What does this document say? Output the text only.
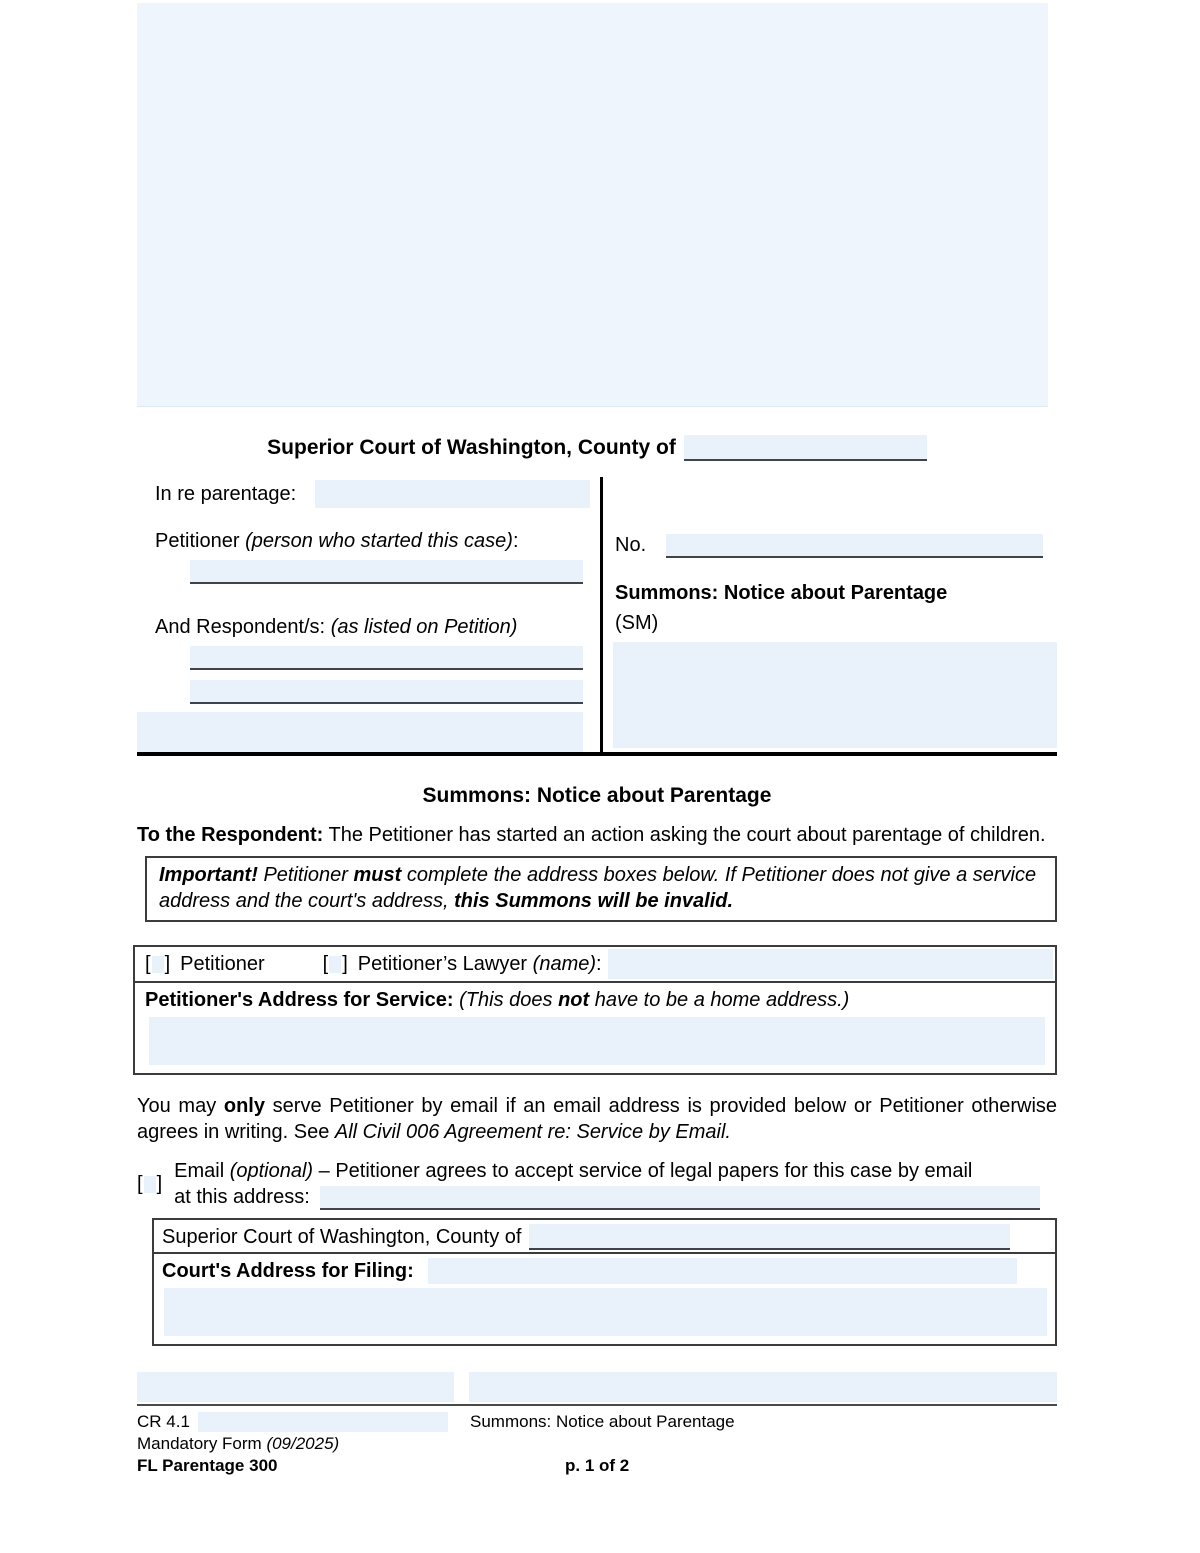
Superior Court of Washington, County of
In re parentage:
Petitioner (person who started this case):
And Respondent/s: (as listed on Petition)
No.
Summons: Notice about Parentage
(SM)
Summons: Notice about Parentage
To the Respondent: The Petitioner has started an action asking the court about parentage of children.
Important! Petitioner must complete the address boxes below. If Petitioner does not give a service address and the court's address, this Summons will be invalid.
[ ] Petitioner	[ ] Petitioner’s Lawyer (name):
Petitioner's Address for Service: (This does not have to be a home address.)
You may only serve Petitioner by email if an email address is provided below or Petitioner otherwise agrees in writing. See All Civil 006 Agreement re: Service by Email.
[ ]
Email (optional) – Petitioner agrees to accept service of legal papers for this case by email
at this address:
Superior Court of Washington, County of
Court's Address for Filing:
CR 4.1
Mandatory Form (09/2025)
FL Parentage 300
Summons: Notice about Parentage
p. 1 of 2
